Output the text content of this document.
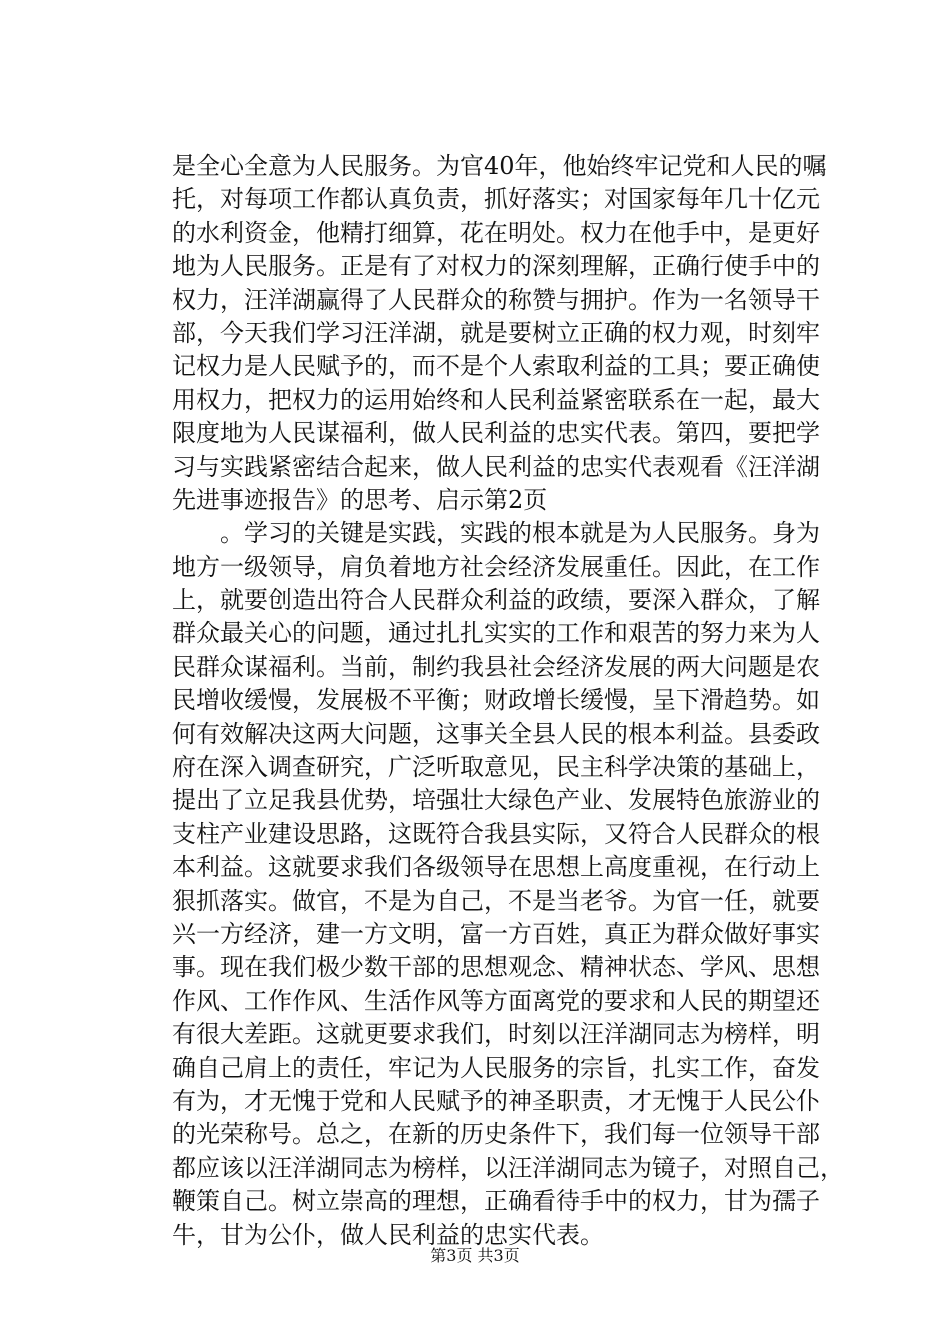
是全心全意为人民服务。为官40年，他始终牢记党和人民的嘱
托，对每项工作都认真负责，抓好落实；对国家每年几十亿元
的水利资金，他精打细算，花在明处。权力在他手中，是更好
地为人民服务。正是有了对权力的深刻理解，正确行使手中的
权力，汪洋湖赢得了人民群众的称赞与拥护。作为一名领导干
部，今天我们学习汪洋湖，就是要树立正确的权力观，时刻牢
记权力是人民赋予的，而不是个人索取利益的工具；要正确使
用权力，把权力的运用始终和人民利益紧密联系在一起，最大
限度地为人民谋福利，做人民利益的忠实代表。第四，要把学
习与实践紧密结合起来，做人民利益的忠实代表观看《汪洋湖
先进事迹报告》的思考、启示第2页
。学习的关键是实践，实践的根本就是为人民服务。身为
地方一级领导，肩负着地方社会经济发展重任。因此，在工作
上，就要创造出符合人民群众利益的政绩，要深入群众，了解
群众最关心的问题，通过扎扎实实的工作和艰苦的努力来为人
民群众谋福利。当前，制约我县社会经济发展的两大问题是农
民增收缓慢，发展极不平衡；财政增长缓慢，呈下滑趋势。如
何有效解决这两大问题，这事关全县人民的根本利益。县委政
府在深入调查研究，广泛听取意见，民主科学决策的基础上，
提出了立足我县优势，培强壮大绿色产业、发展特色旅游业的
支柱产业建设思路，这既符合我县实际，又符合人民群众的根
本利益。这就要求我们各级领导在思想上高度重视，在行动上
狠抓落实。做官，不是为自己，不是当老爷。为官一任，就要
兴一方经济，建一方文明，富一方百姓，真正为群众做好事实
事。现在我们极少数干部的思想观念、精神状态、学风、思想
作风、工作作风、生活作风等方面离党的要求和人民的期望还
有很大差距。这就更要求我们，时刻以汪洋湖同志为榜样，明
确自己肩上的责任，牢记为人民服务的宗旨，扎实工作，奋发
有为，才无愧于党和人民赋予的神圣职责，才无愧于人民公仆
的光荣称号。总之，在新的历史条件下，我们每一位领导干部
都应该以汪洋湖同志为榜样，以汪洋湖同志为镜子，对照自己，
鞭策自己。树立崇高的理想，正确看待手中的权力，甘为孺子
牛，甘为公仆，做人民利益的忠实代表。
第3页 共3页
